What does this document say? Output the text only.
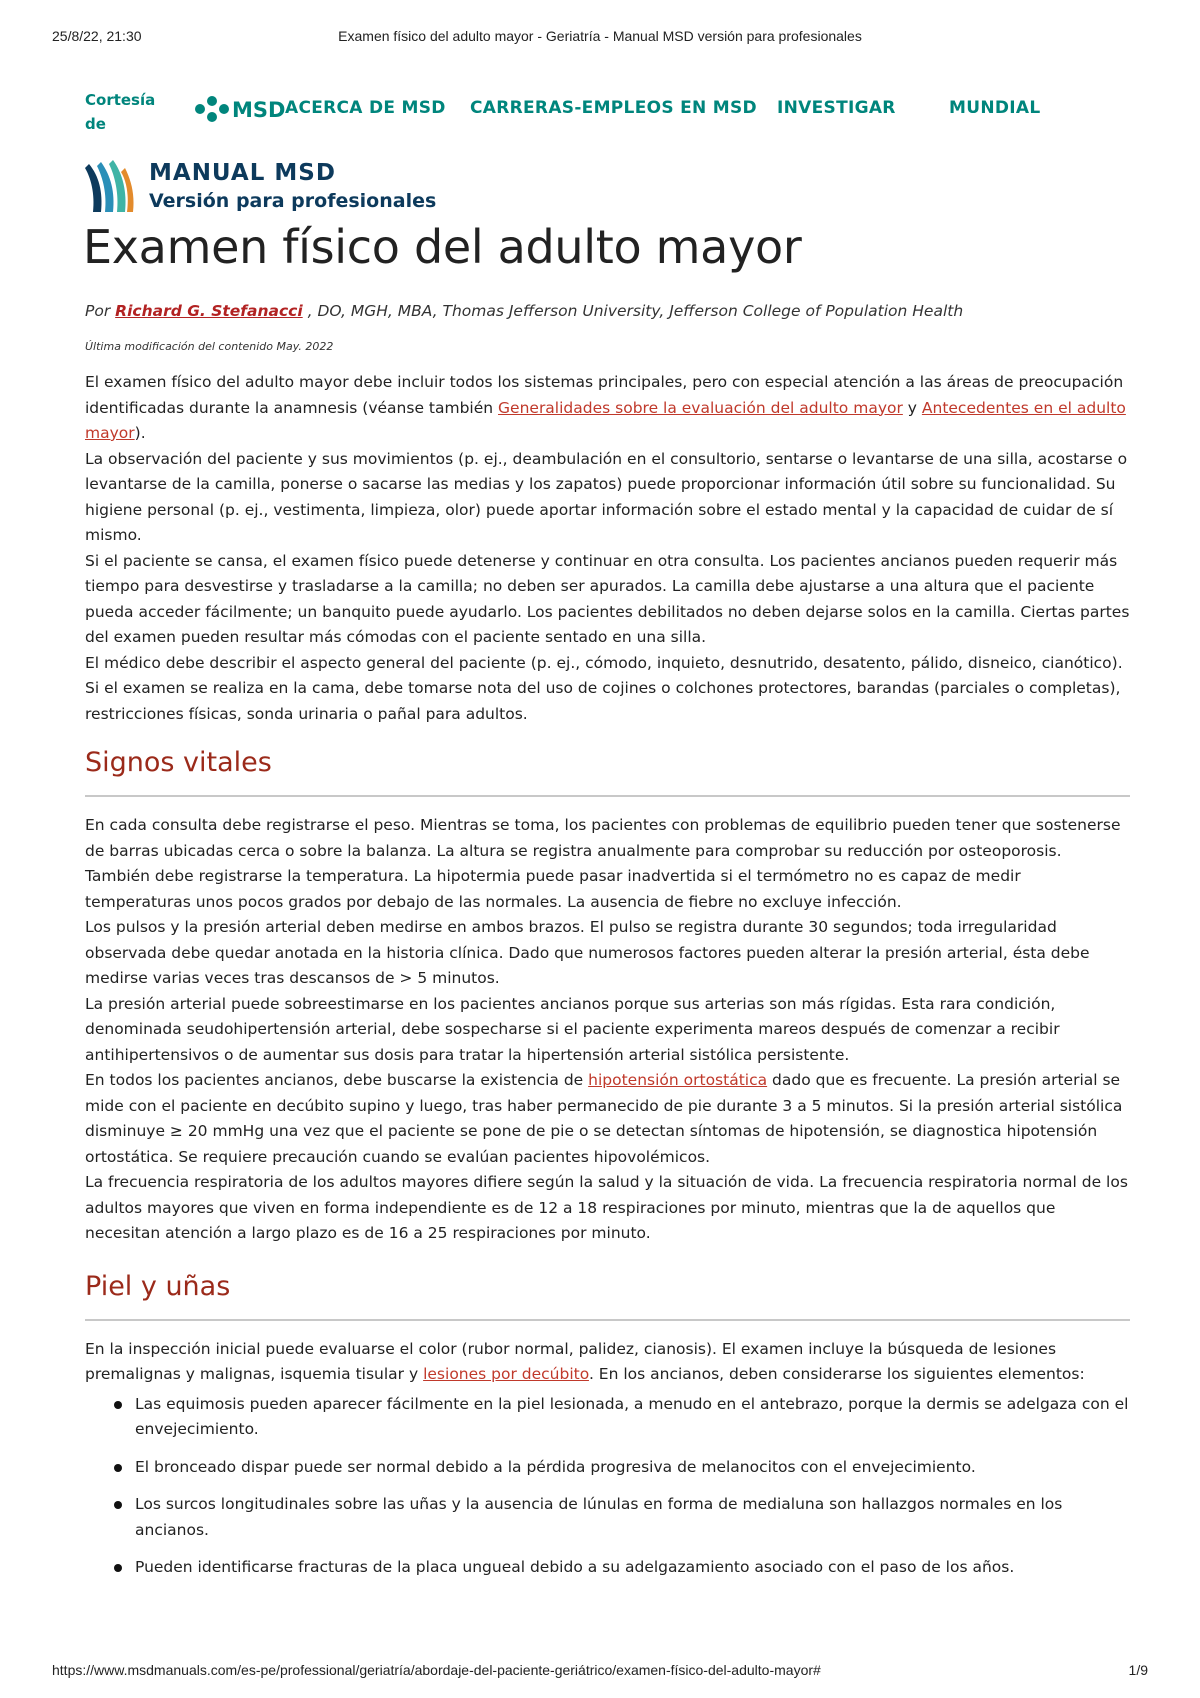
25/8/22, 21:30	Examen físico del adulto mayor - Geriatría - Manual MSD versión para profesionales
Cortesía de
MSD ACERCA DE MSD CARRERAS-EMPLEOS EN MSD INVESTIGAR	MUNDIAL
MANUAL MSD
Versión para profesionales
Examen físico del adulto mayor
Por Richard G. Stefanacci , DO, MGH, MBA, Thomas Jefferson University, Jefferson College of Population Health
Última modificación del contenido May. 2022

El examen físico del adulto mayor debe incluir todos los sistemas principales, pero con especial atención a las áreas de preocupación identificadas durante la anamnesis (véanse también Generalidades sobre la evaluación del adulto mayor y Antecedentes en el adulto mayor).

La observación del paciente y sus movimientos (p. ej., deambulación en el consultorio, sentarse o levantarse de una silla, acostarse o levantarse de la camilla, ponerse o sacarse las medias y los zapatos) puede proporcionar información útil sobre su funcionalidad. Su higiene personal (p. ej., vestimenta, limpieza, olor) puede aportar información sobre el estado mental y la capacidad de cuidar de sí mismo.

Si el paciente se cansa, el examen físico puede detenerse y continuar en otra consulta. Los pacientes ancianos pueden requerir más tiempo para desvestirse y trasladarse a la camilla; no deben ser apurados. La camilla debe ajustarse a una altura que el paciente pueda acceder fácilmente; un banquito puede ayudarlo. Los pacientes debilitados no deben dejarse solos en la camilla. Ciertas partes del examen pueden resultar más cómodas con el paciente sentado en una silla.

El médico debe describir el aspecto general del paciente (p. ej., cómodo, inquieto, desnutrido, desatento, pálido, disneico, cianótico). Si el examen se realiza en la cama, debe tomarse nota del uso de cojines o colchones protectores, barandas (parciales o completas), restricciones físicas, sonda urinaria o pañal para adultos.

Signos vitales

En cada consulta debe registrarse el peso. Mientras se toma, los pacientes con problemas de equilibrio pueden tener que sostenerse de barras ubicadas cerca o sobre la balanza. La altura se registra anualmente para comprobar su reducción por osteoporosis.

También debe registrarse la temperatura. La hipotermia puede pasar inadvertida si el termómetro no es capaz de medir temperaturas unos pocos grados por debajo de las normales. La ausencia de fiebre no excluye infección.

Los pulsos y la presión arterial deben medirse en ambos brazos. El pulso se registra durante 30 segundos; toda irregularidad observada debe quedar anotada en la historia clínica. Dado que numerosos factores pueden alterar la presión arterial, ésta debe medirse varias veces tras descansos de > 5 minutos.

La presión arterial puede sobreestimarse en los pacientes ancianos porque sus arterias son más rígidas. Esta rara condición, denominada seudohipertensión arterial, debe sospecharse si el paciente experimenta mareos después de comenzar a recibir antihipertensivos o de aumentar sus dosis para tratar la hipertensión arterial sistólica persistente.

En todos los pacientes ancianos, debe buscarse la existencia de hipotensión ortostática dado que es frecuente. La presión arterial se mide con el paciente en decúbito supino y luego, tras haber permanecido de pie durante 3 a 5 minutos. Si la presión arterial sistólica disminuye ≥ 20 mmHg una vez que el paciente se pone de pie o se detectan síntomas de hipotensión, se diagnostica hipotensión ortostática. Se requiere precaución cuando se evalúan pacientes hipovolémicos.

La frecuencia respiratoria de los adultos mayores difiere según la salud y la situación de vida. La frecuencia respiratoria normal de los adultos mayores que viven en forma independiente es de 12 a 18 respiraciones por minuto, mientras que la de aquellos que necesitan atención a largo plazo es de 16 a 25 respiraciones por minuto.

Piel y uñas

En la inspección inicial puede evaluarse el color (rubor normal, palidez, cianosis). El examen incluye la búsqueda de lesiones premalignas y malignas, isquemia tisular y lesiones por decúbito. En los ancianos, deben considerarse los siguientes elementos:

Las equimosis pueden aparecer fácilmente en la piel lesionada, a menudo en el antebrazo, porque la dermis se adelgaza con el envejecimiento.
El bronceado dispar puede ser normal debido a la pérdida progresiva de melanocitos con el envejecimiento.
Los surcos longitudinales sobre las uñas y la ausencia de lúnulas en forma de medialuna son hallazgos normales en los ancianos.
Pueden identificarse fracturas de la placa ungueal debido a su adelgazamiento asociado con el paso de los años.
https://www.msdmanuals.com/es-pe/professional/geriatría/abordaje-del-paciente-geriátrico/examen-físico-del-adulto-mayor#	1/9
